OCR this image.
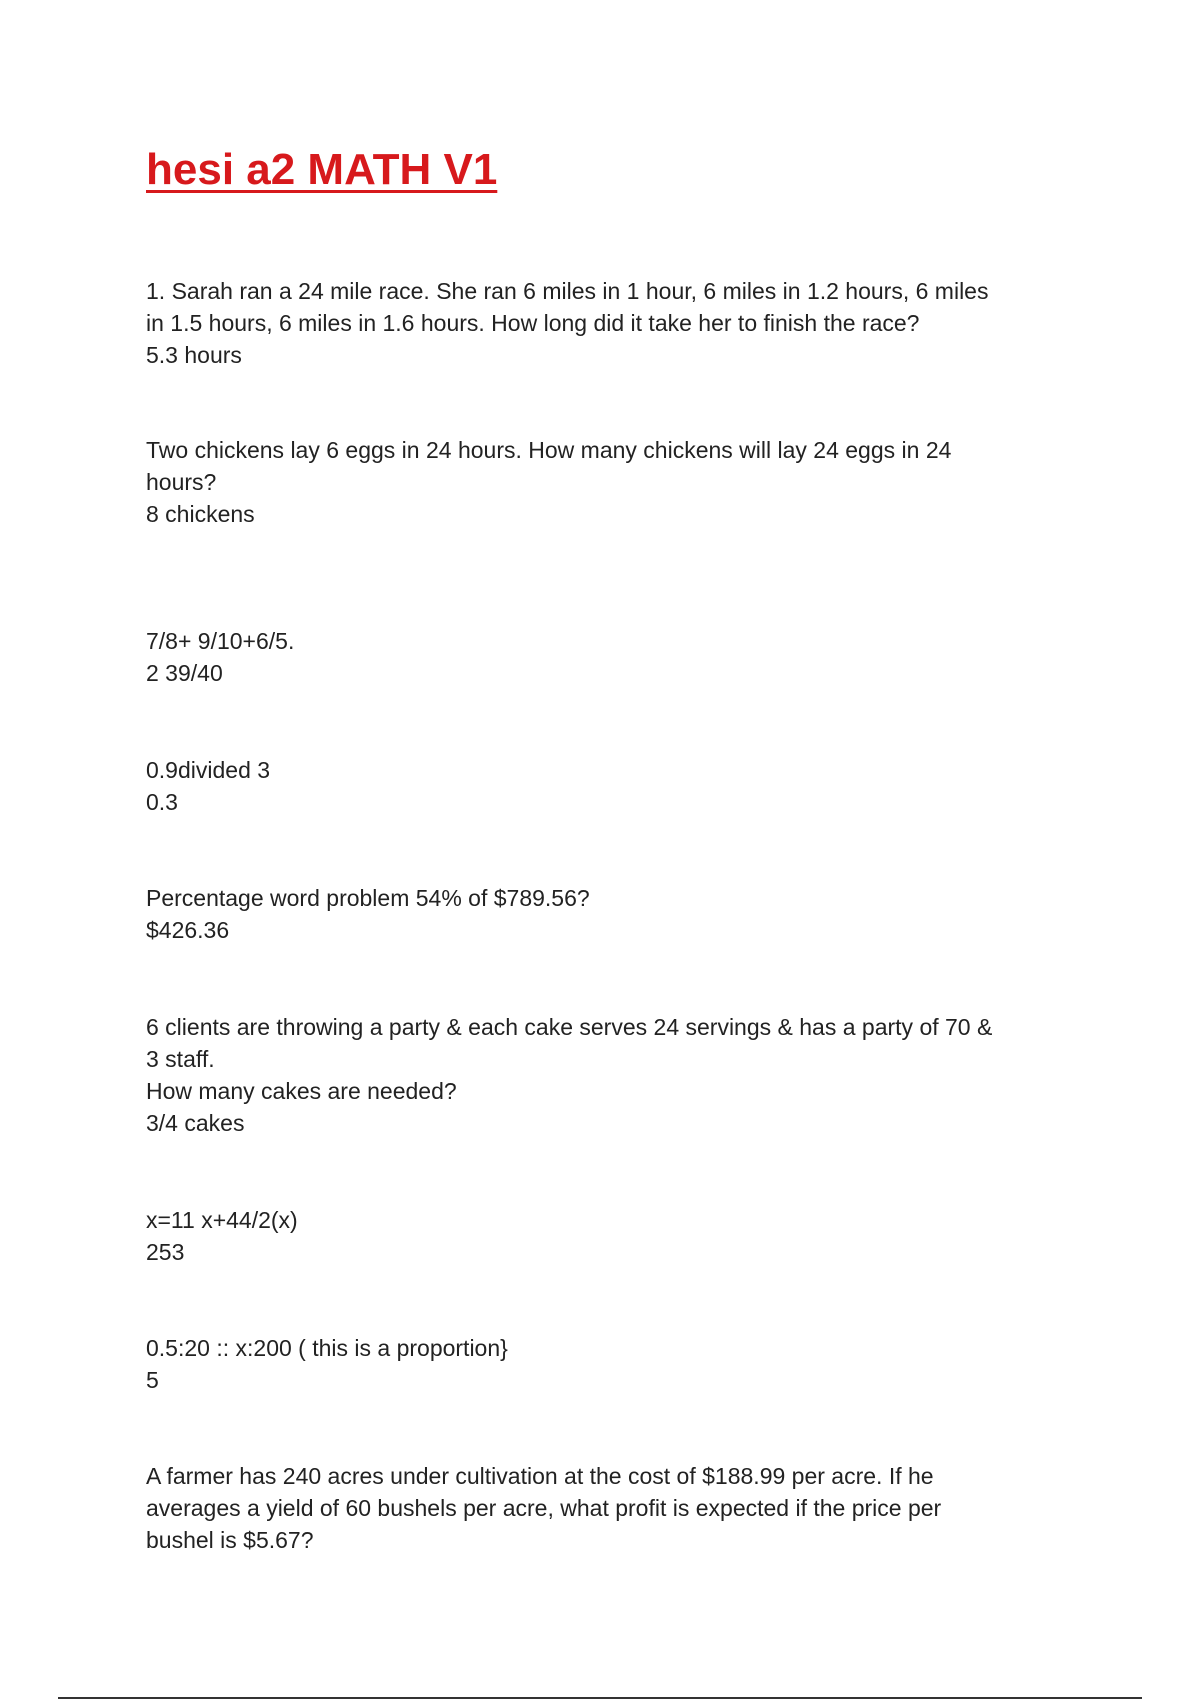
hesi a2 MATH V1

1. Sarah ran a 24 mile race. She ran 6 miles in 1 hour, 6 miles in 1.2 hours, 6 miles

in 1.5 hours, 6 miles in 1.6 hours. How long did it take her to finish the race?

5.3 hours

Two chickens lay 6 eggs in 24 hours. How many chickens will lay 24 eggs in 24

hours?

8 chickens

7/8+ 9/10+6/5.

2 39/40

0.9divided 3

0.3

Percentage word problem 54% of $789.56?

$426.36

6 clients are throwing a party & each cake serves 24 servings & has a party of 70 &

3 staff.

How many cakes are needed?

3/4 cakes

x=11 x+44/2(x)

253

0.5:20 :: x:200 ( this is a proportion}

5

A farmer has 240 acres under cultivation at the cost of $188.99 per acre. If he

averages a yield of 60 bushels per acre, what profit is expected if the price per

bushel is $5.67?
